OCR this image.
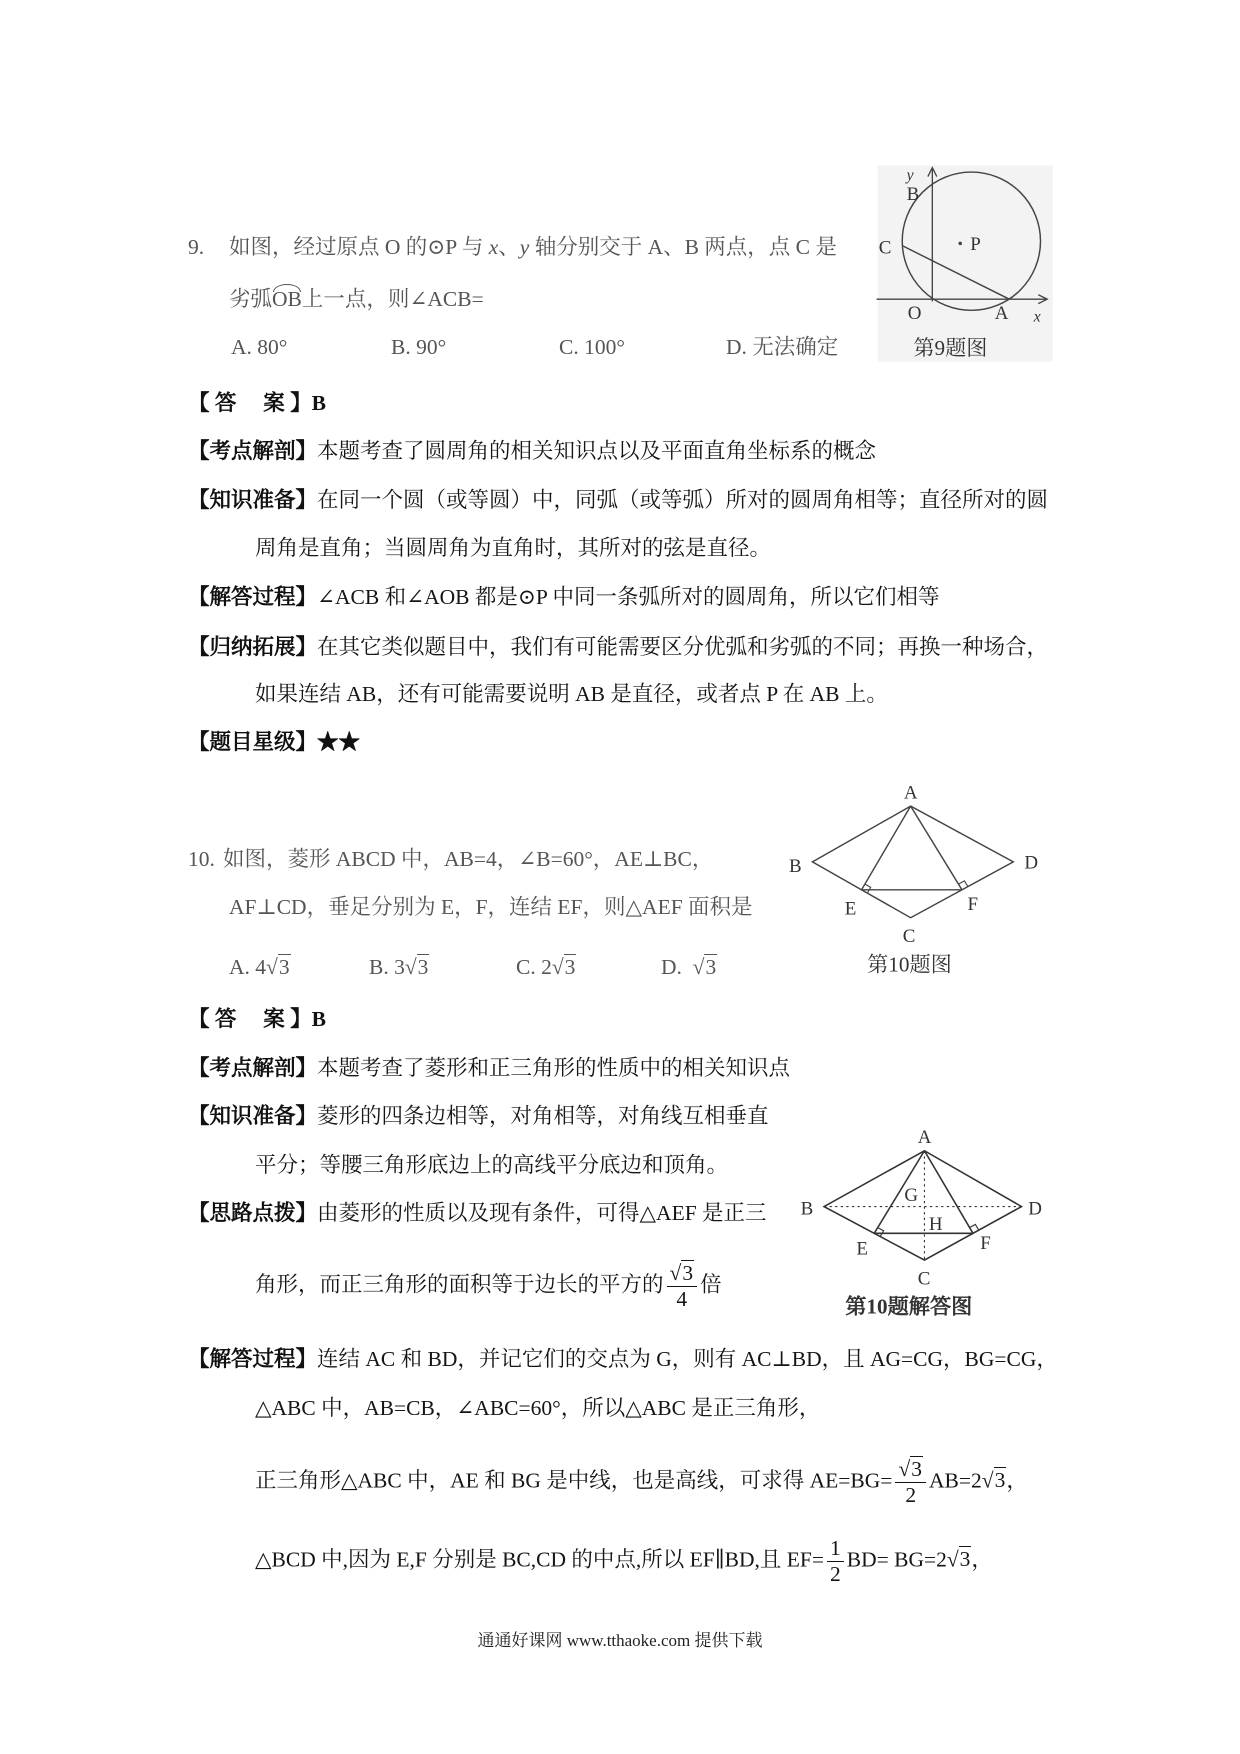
9. 如图，经过原点 O 的⊙P 与 x、y 轴分别交于 A、B 两点，点 C 是
劣弧OB上一点，则∠ACB=
A. 80°	B. 90°	C. 100°	D. 无法确定
y
B
C	P
O	A x
第9题图
【 答　 案 】B
【考点解剖】本题考查了圆周角的相关知识点以及平面直角坐标系的概念
【知识准备】在同一个圆（或等圆）中，同弧（或等弧）所对的圆周角相等；直径所对的圆
周角是直角；当圆周角为直角时，其所对的弦是直径。
【解答过程】∠ACB 和∠AOB 都是⊙P 中同一条弧所对的圆周角，所以它们相等
【归纳拓展】在其它类似题目中，我们有可能需要区分优弧和劣弧的不同；再换一种场合，
如果连结 AB，还有可能需要说明 AB 是直径，或者点 P 在 AB 上。
【题目星级】★★
10. 如图，菱形 ABCD 中，AB=4，∠B=60°，AE⊥BC，
AF⊥CD，垂足分别为 E，F，连结 EF，则△AEF 面积是
A. 4√3	B. 3√3	C. 2√3	D. √3
A
B	D
C
E	F
第10题图
【 答　 案 】B
【考点解剖】本题考查了菱形和正三角形的性质中的相关知识点
【知识准备】菱形的四条边相等，对角相等，对角线互相垂直
平分；等腰三角形底边上的高线平分底边和顶角。
【思路点拨】由菱形的性质以及现有条件，可得△AEF 是正三
角形，而正三角形的面积等于边长的平方的 $\frac{√3}{4}$ 倍
A
B	D
C
E	F
G
H
第10题解答图
【解答过程】连结 AC 和 BD，并记它们的交点为 G，则有 AC⊥BD，且 AG=CG，BG=CG，
△ABC 中，AB=CB，∠ABC=60°，所以△ABC 是正三角形，
正三角形△ABC 中，AE 和 BG 是中线，也是高线，可求得 $AE=BG= \frac{√3}{2} AB=2√3$，
△BCD 中,因为 E,F 分别是 BC,CD 的中点,所以 EF∥BD,且 $EF= \frac{1}{2} BD= BG=2√3$，
通通好课网 www.tthaoke.com 提供下载
